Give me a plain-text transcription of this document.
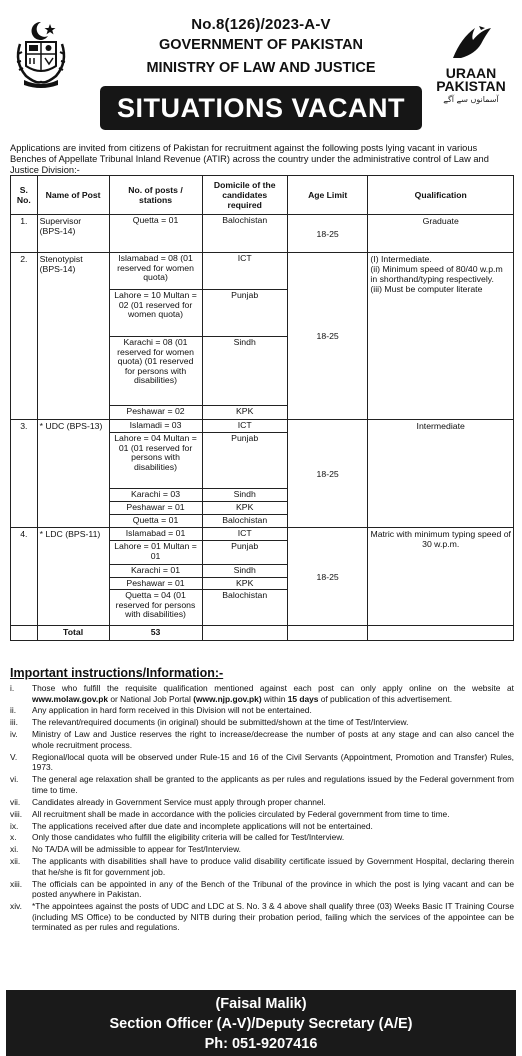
No.8(126)/2023-A-V
GOVERNMENT OF PAKISTAN
MINISTRY OF LAW AND JUSTICE
SITUATIONS VACANT
URAAN
PAKISTAN
آ‌سمانوں سے آگے
Applications are invited from citizens of Pakistan for recruitment against the following posts lying vacant in various Benches of Appellate Tribunal Inland Revenue (ATIR) across the country under the administrative control of Law and Justice Division:-
S. No.	Name of Post	No. of posts / stations	Domicile of the candidates required	Age Limit	Qualification
1.	Supervisor (BPS-14)	Quetta = 01	Balochistan	18-25	Graduate
2.	Stenotypist (BPS-14)	Islamabad = 08 (01 reserved for women quota)	ICT	18-25	(I) Intermediate.
(ii) Minimum speed of 80/40 w.p.m in shorthand/typing respectively.
(iii) Must be computer literate

		Lahore = 10 Multan = 02 (01 reserved for women quota)	Punjab		
		Karachi = 08 (01 reserved for women quota) (01 reserved for persons with disabilities)	Sindh		
		Peshawar = 02	KPK		
3.	* UDC (BPS-13)	Islamadi = 03	ICT	18-25	Intermediate
		Lahore = 04 Multan = 01 (01 reserved for persons with disabilities)	Punjab		
		Karachi = 03	Sindh		
		Peshawar = 01	KPK		
		Quetta = 01	Balochistan		
4.	* LDC (BPS-11)	Islamabad = 01	ICT	18-25	Matric with minimum typing speed of 30 w.p.m.
		Lahore = 01 Multan = 01	Punjab		
		Karachi = 01	Sindh		
		Peshawar = 01	KPK		
		Quetta = 04 (01 reserved for persons with disabilities)	Balochistan		
	Total	53			
Important instructions/Information:-
i.	Those who fulfill the requisite qualification mentioned against each post can only apply online on the website at www.molaw.gov.pk or National Job Portal (www.njp.gov.pk) within 15 days of publication of this advertisement.
ii.	Any application in hard form received in this Division will not be entertained.
iii.	The relevant/required documents (in original) should be submitted/shown at the time of Test/Interview.
iv.	Ministry of Law and Justice reserves the right to increase/decrease the number of posts at any stage and can also cancel the whole recruitment process.
V.	Regional/local quota will be observed under Rule-15 and 16 of the Civil Servants (Appointment, Promotion and Transfer) Rules, 1973.
vi.	The general age relaxation shall be granted to the applicants as per rules and regulations issued by the Federal government from time to time.
vii.	Candidates already in Government Service must apply through proper channel.
viii.	All recruitment shall be made in accordance with the policies circulated by Federal government from time to time.
ix.	The applications received after due date and incomplete applications will not be entertained.
x.	Only those candidates who fulfill the eligibility criteria will be called for Test/Interview.
xi.	No TA/DA will be admissible to appear for Test/Interview.
xii.	The applicants with disabilities shall have to produce valid disability certificate issued by Government Hospital, declaring therein that he/she is fit for government job.
xiii.	The officials can be appointed in any of the Bench of the Tribunal of the province in which the post is lying vacant and can be posted anywhere in Pakistan.
xiv.	*The appointees against the posts of UDC and LDC at S. No. 3 & 4 above shall qualify three (03) Weeks Basic IT Training Course (including MS Office) to be conducted by NITB during their probation period, failing which the services of the appointee can be terminated as per rules and regulations.
(Faisal Malik)
Section Officer (A-V)/Deputy Secretary (A/E)
Ph: 051-9207416
